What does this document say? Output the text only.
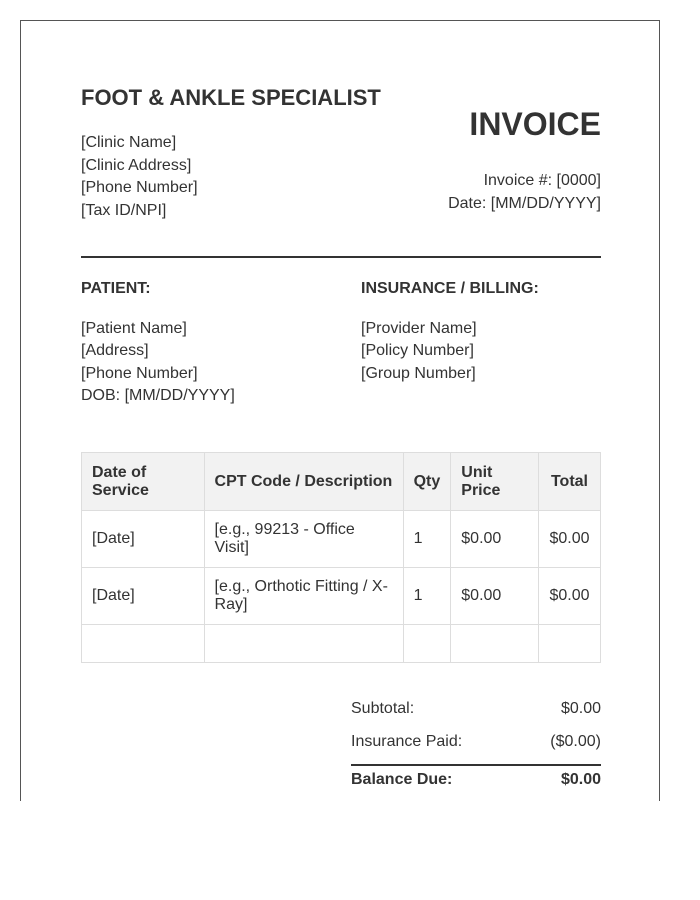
FOOT & ANKLE SPECIALIST
[Clinic Name]
[Clinic Address]
[Phone Number]
[Tax ID/NPI]
INVOICE
Invoice #: [0000]
Date: [MM/DD/YYYY]
PATIENT:	INSURANCE / BILLING:
[Patient Name]
[Address]
[Phone Number]
DOB: [MM/DD/YYYY]
[Provider Name]
[Policy Number]
[Group Number]
Date of Service	CPT Code / Description	Qty	Unit Price	Total
[Date]	[e.g., 99213 - Office Visit]	1	$0.00	$0.00
[Date]	[e.g., Orthotic Fitting / X-Ray]	1	$0.00	$0.00

Subtotal:	$0.00
Insurance Paid:	($0.00)
Balance Due:	$0.00
